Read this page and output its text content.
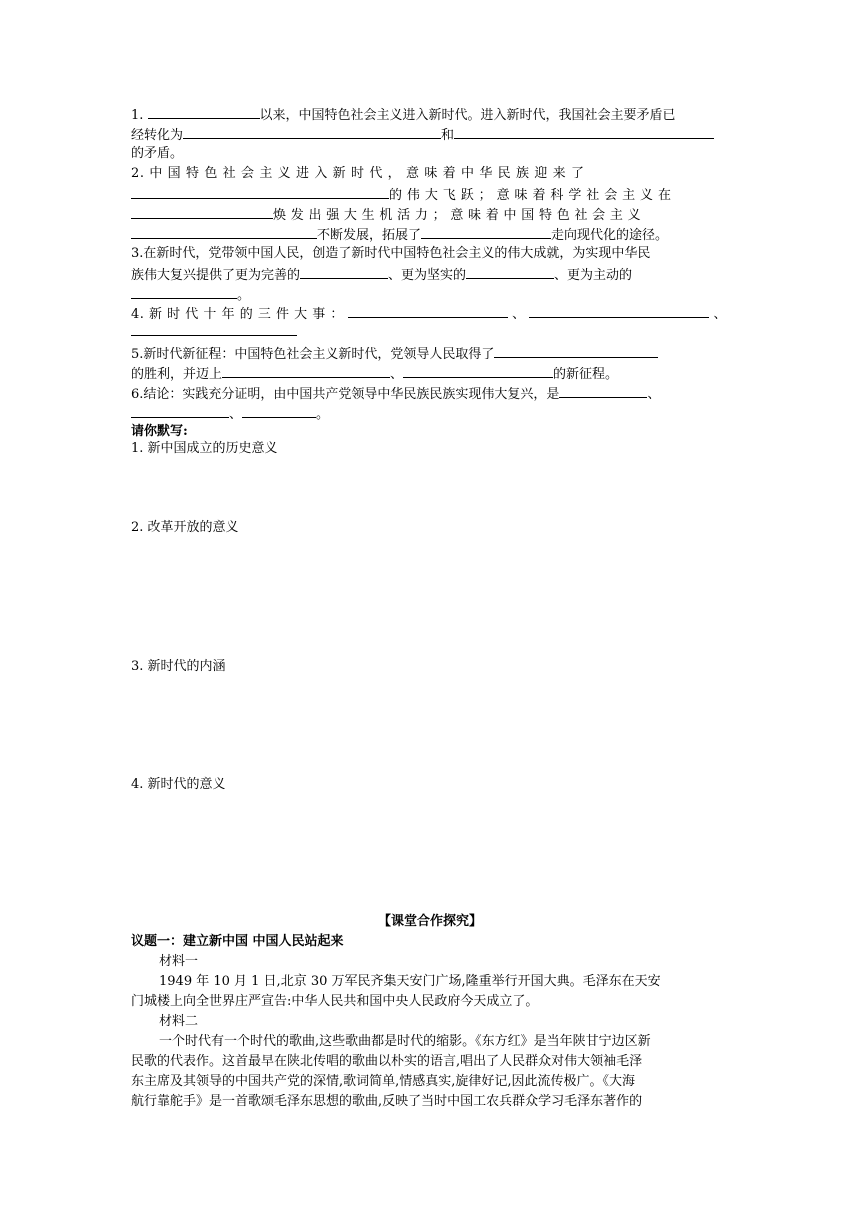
1.	以来，中国特色社会主义进入新时代。进入新时代，我国社会主要矛盾已
经转化为	和
的矛盾。
2. 中 国 特 色 社 会 主 义 进 入 新 时 代 ， 意 味 着 中 华 民 族 迎 来 了
的 伟 大 飞 跃 ； 意 味 着 科 学 社 会 主 义 在
焕 发 出 强 大 生 机 活 力 ； 意 味 着 中 国 特 色 社 会 主 义
不断发展，拓展了	走向现代化的途径。
3.在新时代，党带领中国人民，创造了新时代中国特色社会主义的伟大成就，为实现中华民
族伟大复兴提供了更为完善的	、更为坚实的	、更为主动的
。
4. 新 时 代 十 年 的 三 件 大 事 ：	、	、
5.新时代新征程：中国特色社会主义新时代，党领导人民取得了
的胜利，并迈上	、	的新征程。
6.结论：实践充分证明，由中国共产党领导中华民族民族实现伟大复兴，是	、
、	。
请你默写:
1. 新中国成立的历史意义
2. 改革开放的意义
3. 新时代的内涵
4. 新时代的意义
【课堂合作探究】
议题一：建立新中国 中国人民站起来
材料一
1949 年 10 月 1 日,北京 30 万军民齐集天安门广场,隆重举行开国大典。毛泽东在天安
门城楼上向全世界庄严宣告:中华人民共和国中央人民政府今天成立了。
材料二
一个时代有一个时代的歌曲,这些歌曲都是时代的缩影。《东方红》是当年陕甘宁边区新
民歌的代表作。这首最早在陕北传唱的歌曲以朴实的语言,唱出了人民群众对伟大领袖毛泽
东主席及其领导的中国共产党的深情,歌词简单,情感真实,旋律好记,因此流传极广。《大海
航行靠舵手》是一首歌颂毛泽东思想的歌曲,反映了当时中国工农兵群众学习毛泽东著作的
